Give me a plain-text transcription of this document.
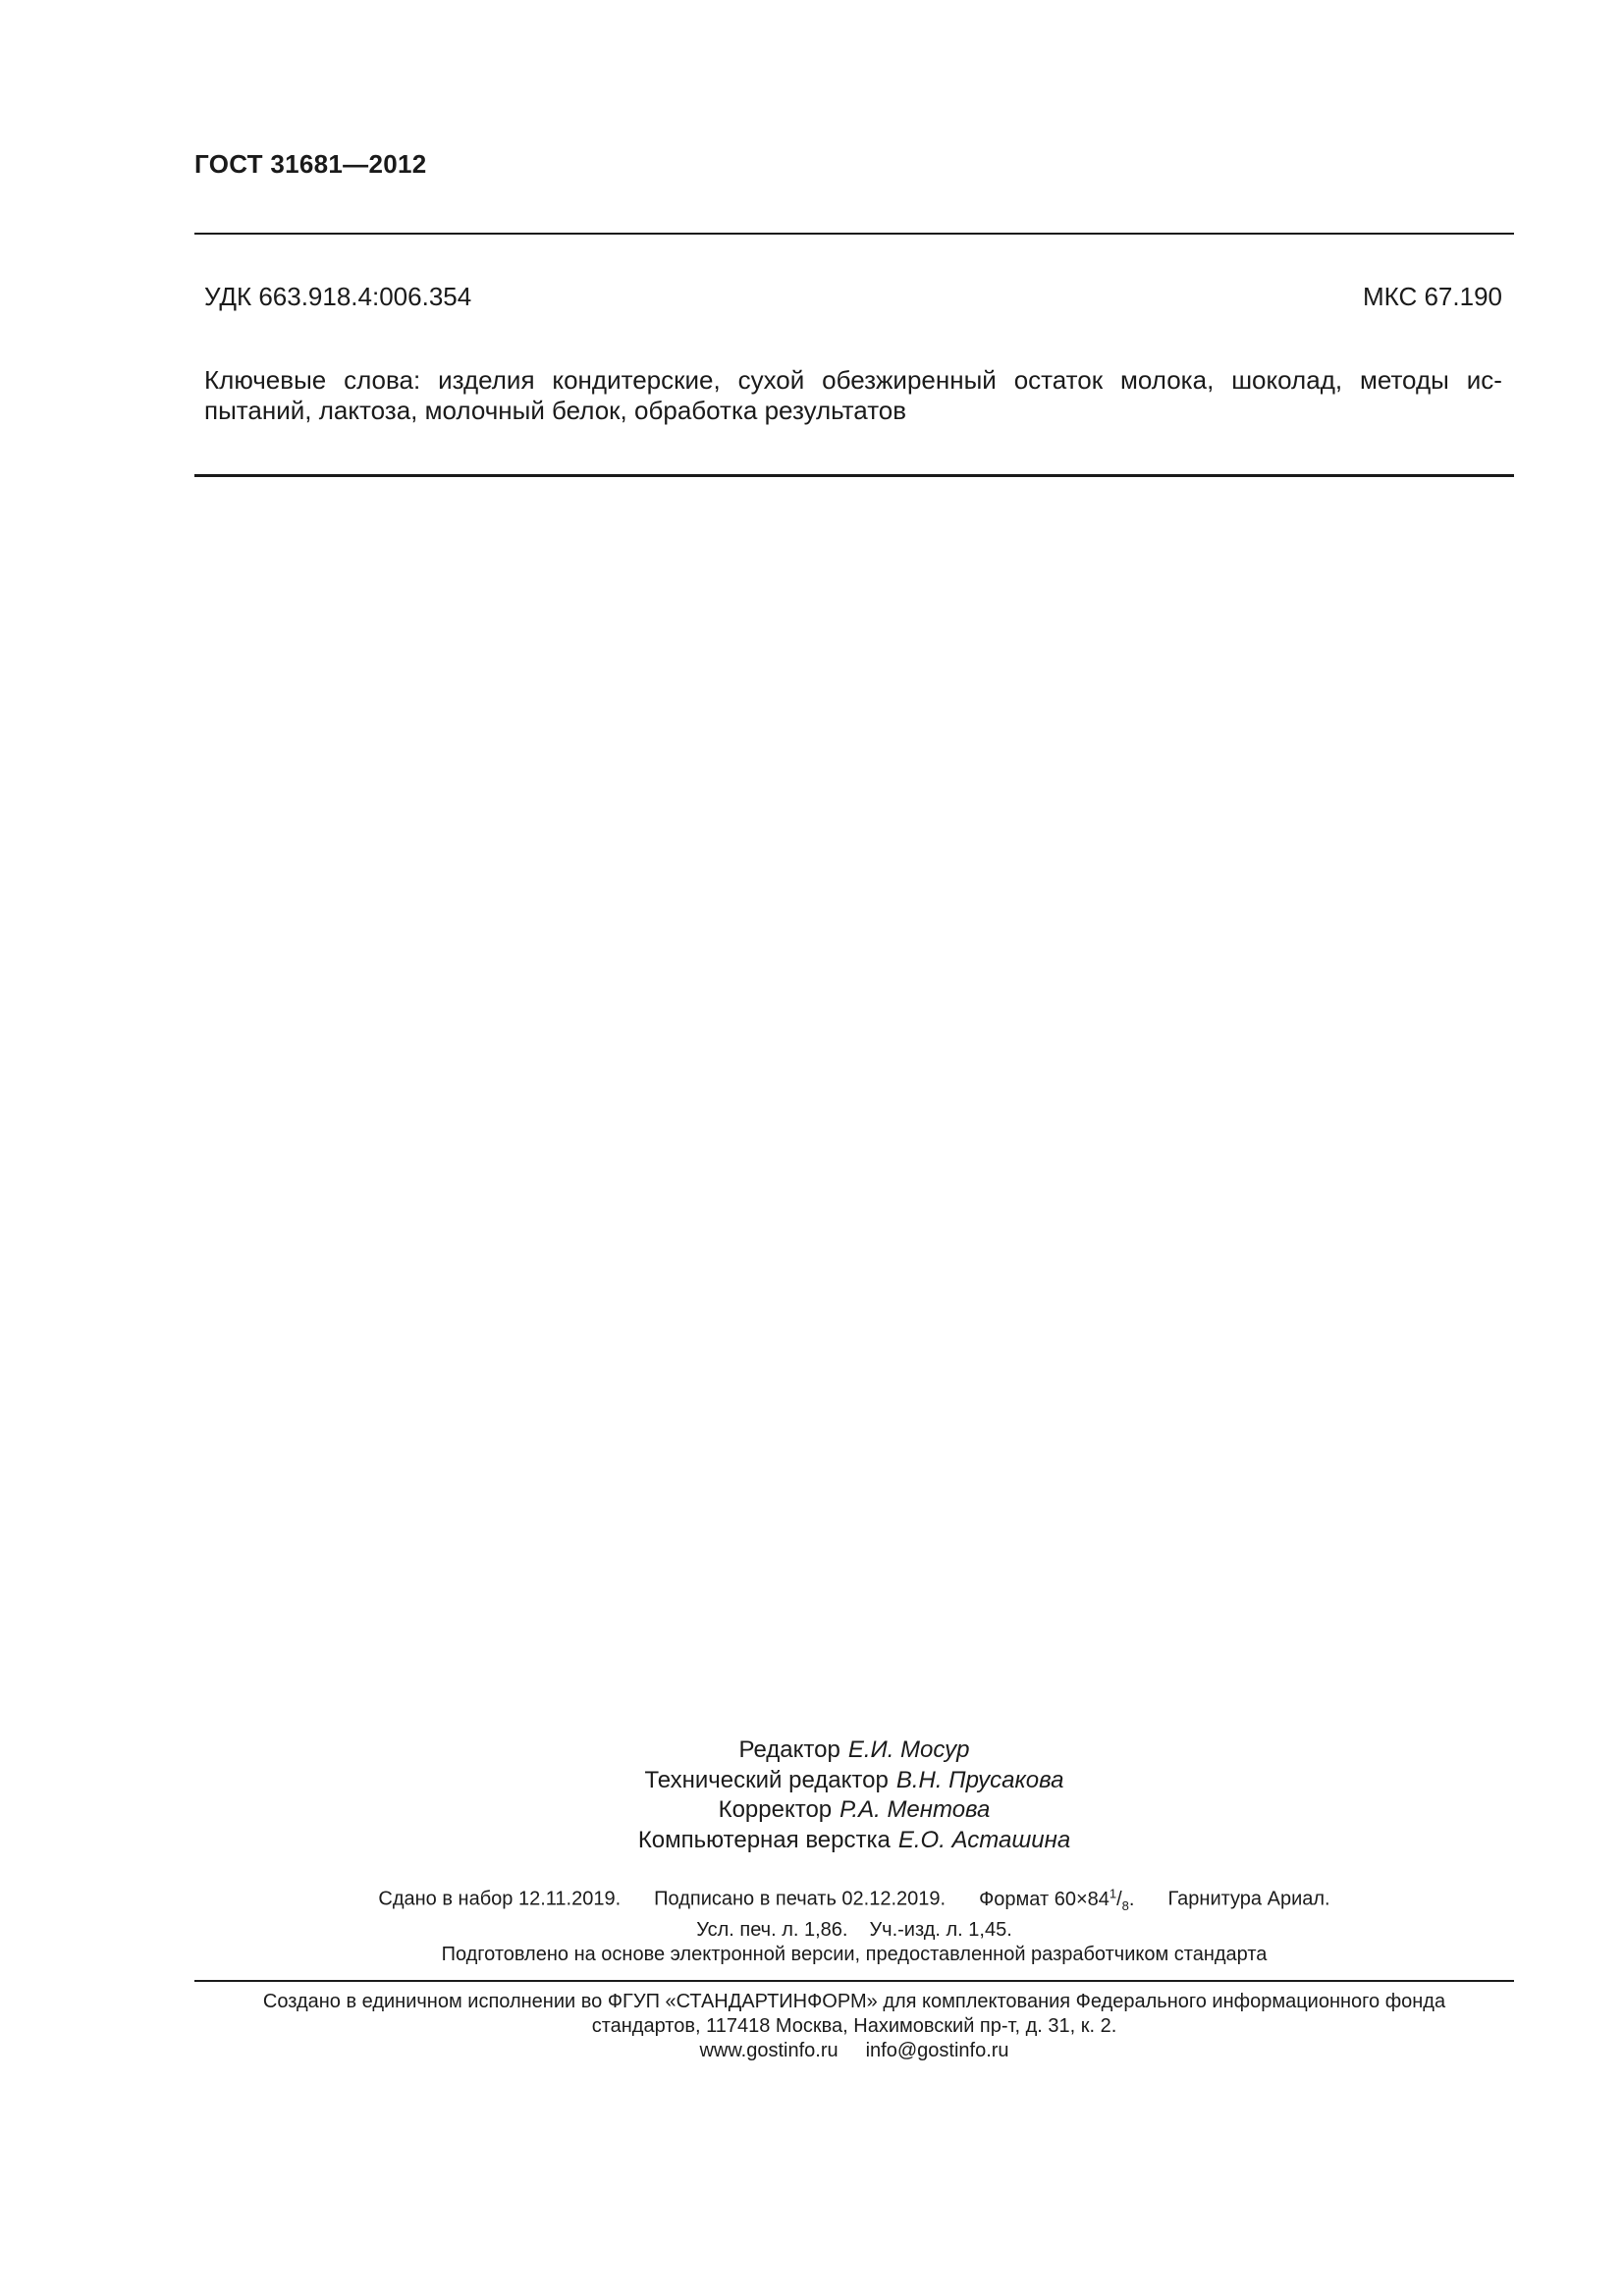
ГОСТ 31681—2012
УДК 663.918.4:006.354	МКС 67.190
Ключевые слова: изделия кондитерские, сухой обезжиренный остаток молока, шоколад, методы ис-
пытаний, лактоза, молочный белок, обработка результатов
Редактор Е.И. Мосур
Технический редактор В.Н. Прусакова
Корректор Р.А. Ментова
Компьютерная верстка Е.О. Асташина
Сдано в набор 12.11.2019. Подписано в печать 02.12.2019. Формат $60\times 84^1/_8$. Гарнитура Ариал.
Усл. печ. л. 1,86. Уч.-изд. л. 1,45.
Подготовлено на основе электронной версии, предоставленной разработчиком стандарта
Создано в единичном исполнении во ФГУП «СТАНДАРТИНФОРМ» для комплектования Федерального информационного фонда
стандартов, 117418 Москва, Нахимовский пр-т, д. 31, к. 2.
www.gostinfo.ru info@gostinfo.ru
